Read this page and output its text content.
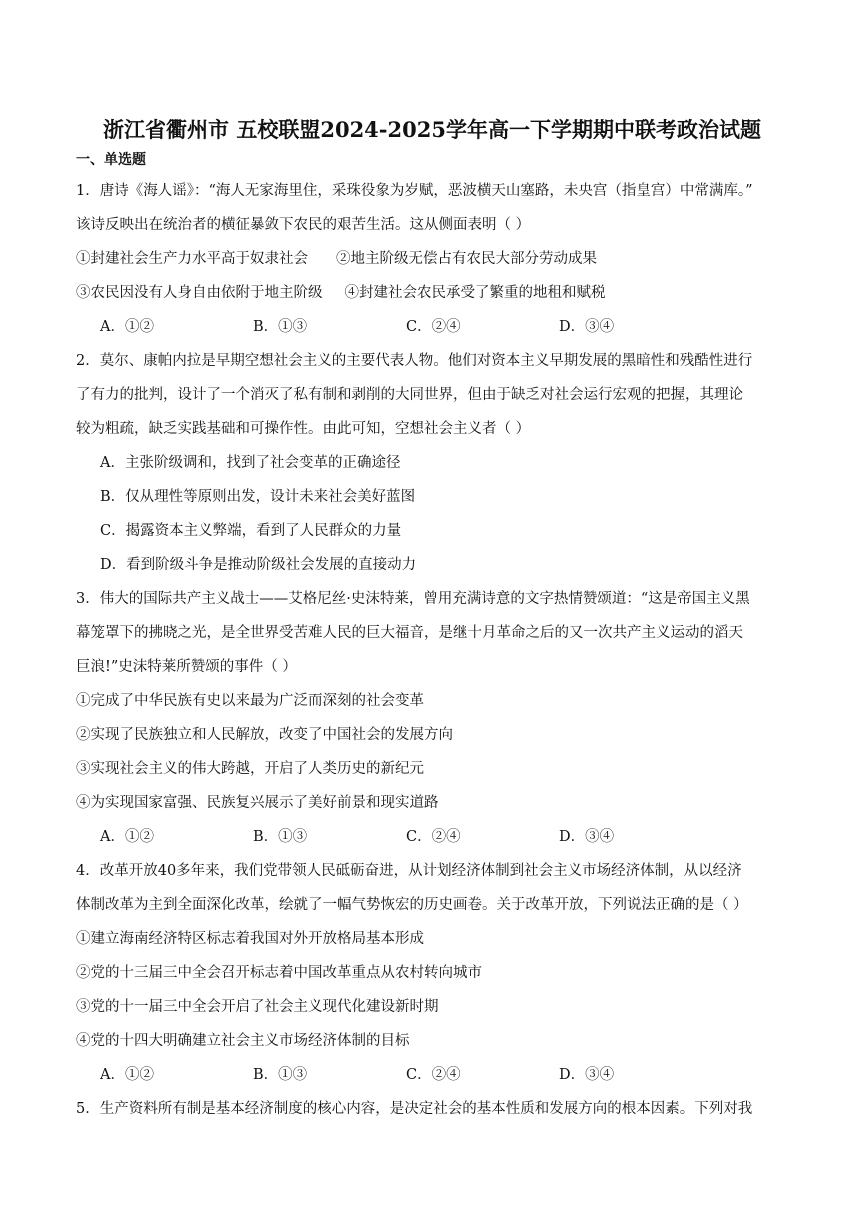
浙江省衢州市 五校联盟2024-2025学年高一下学期期中联考政治试题
一、单选题

1．唐诗《海人谣》：“海人无家海里住，采珠役象为岁赋，恶波横天山塞路，未央宫（指皇宫）中常满库。”

该诗反映出在统治者的横征暴敛下农民的艰苦生活。这从侧面表明（ ）

①封建社会生产力水平高于奴隶社会 ②地主阶级无偿占有农民大部分劳动成果
③农民因没有人身自由依附于地主阶级 ④封建社会农民承受了繁重的地租和赋税
A．①②	B．①③	C．②④	D．③④

2．莫尔、康帕内拉是早期空想社会主义的主要代表人物。他们对资本主义早期发展的黑暗性和残酷性进行

了有力的批判，设计了一个消灭了私有制和剥削的大同世界，但由于缺乏对社会运行宏观的把握，其理论

较为粗疏，缺乏实践基础和可操作性。由此可知，空想社会主义者（ ）

A．主张阶级调和，找到了社会变革的正确途径

B．仅从理性等原则出发，设计未来社会美好蓝图

C．揭露资本主义弊端，看到了人民群众的力量

D．看到阶级斗争是推动阶级社会发展的直接动力

3．伟大的国际共产主义战士——艾格尼丝·史沫特莱，曾用充满诗意的文字热情赞颂道：“这是帝国主义黑

幕笼罩下的拂晓之光，是全世界受苦难人民的巨大福音，是继十月革命之后的又一次共产主义运动的滔天

巨浪!”史沫特莱所赞颂的事件（ ）

①完成了中华民族有史以来最为广泛而深刻的社会变革

②实现了民族独立和人民解放，改变了中国社会的发展方向

③实现社会主义的伟大跨越，开启了人类历史的新纪元

④为实现国家富强、民族复兴展示了美好前景和现实道路

A．①②	B．①③	C．②④	D．③④

4．改革开放40多年来，我们党带领人民砥砺奋进，从计划经济体制到社会主义市场经济体制，从以经济

体制改革为主到全面深化改革，绘就了一幅气势恢宏的历史画卷。关于改革开放，下列说法正确的是（ ）

①建立海南经济特区标志着我国对外开放格局基本形成

②党的十三届三中全会召开标志着中国改革重点从农村转向城市

③党的十一届三中全会开启了社会主义现代化建设新时期

④党的十四大明确建立社会主义市场经济体制的目标

A．①②	B．①③	C．②④	D．③④

5．生产资料所有制是基本经济制度的核心内容，是决定社会的基本性质和发展方向的根本因素。下列对我
